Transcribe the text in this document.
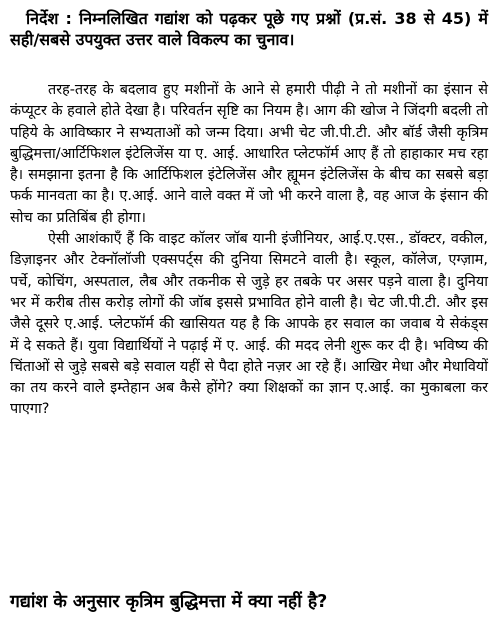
निर्देश : निम्नलिखित गद्यांश को पढ़कर पूछे गए प्रश्नों (प्र.सं. 38 से 45) में सही/सबसे उपयुक्त उत्तर वाले विकल्प का चुनाव।

तरह-तरह के बदलाव हुए मशीनों के आने से हमारी पीढ़ी ने तो मशीनों का इंसान से कंप्यूटर के हवाले होते देखा है। परिवर्तन सृष्टि का नियम है। आग की खोज ने जिंदगी बदली तो पहिये के आविष्कार ने सभ्यताओं को जन्म दिया। अभी चेट जी.पी.टी. और बॉर्ड जैसी कृत्रिम बुद्धिमत्ता/आर्टिफिशल इंटेलिजेंस या ए. आई. आधारित प्लेटफॉर्म आए हैं तो हाहाकार मच रहा है। समझाना इतना है कि आर्टिफिशल इंटेलिजेंस और ह्यूमन इंटेलिजेंस के बीच का सबसे बड़ा फर्क मानवता का है। ए.आई. आने वाले वक्त में जो भी करने वाला है, वह आज के इंसान की सोच का प्रतिबिंब ही होगा।

ऐसी आशंकाएँ हैं कि वाइट कॉलर जॉब यानी इंजीनियर, आई.ए.एस., डॉक्टर, वकील, डिज़ाइनर और टेक्नॉलॉजी एक्सपर्ट्स की दुनिया सिमटने वाली है। स्कूल, कॉलेज, एग्ज़ाम, पर्चे, कोचिंग, अस्पताल, लैब और तकनीक से जुड़े हर तबके पर असर पड़ने वाला है। दुनिया भर में करीब तीस करोड़ लोगों की जॉब इससे प्रभावित होने वाली है। चेट जी.पी.टी. और इस जैसे दूसरे ए.आई. प्लेटफॉर्म की खासियत यह है कि आपके हर सवाल का जवाब ये सेकंड्स में दे सकते हैं। युवा विद्यार्थियों ने पढ़ाई में ए. आई. की मदद लेनी शुरू कर दी है। भविष्य की चिंताओं से जुड़े सबसे बड़े सवाल यहीं से पैदा होते नज़र आ रहे हैं। आखिर मेधा और मेधावियों का तय करने वाले इम्तेहान अब कैसे होंगे? क्या शिक्षकों का ज्ञान ए.आई. का मुकाबला कर पाएगा?

गद्यांश के अनुसार कृत्रिम बुद्धिमत्ता में क्या नहीं है?
